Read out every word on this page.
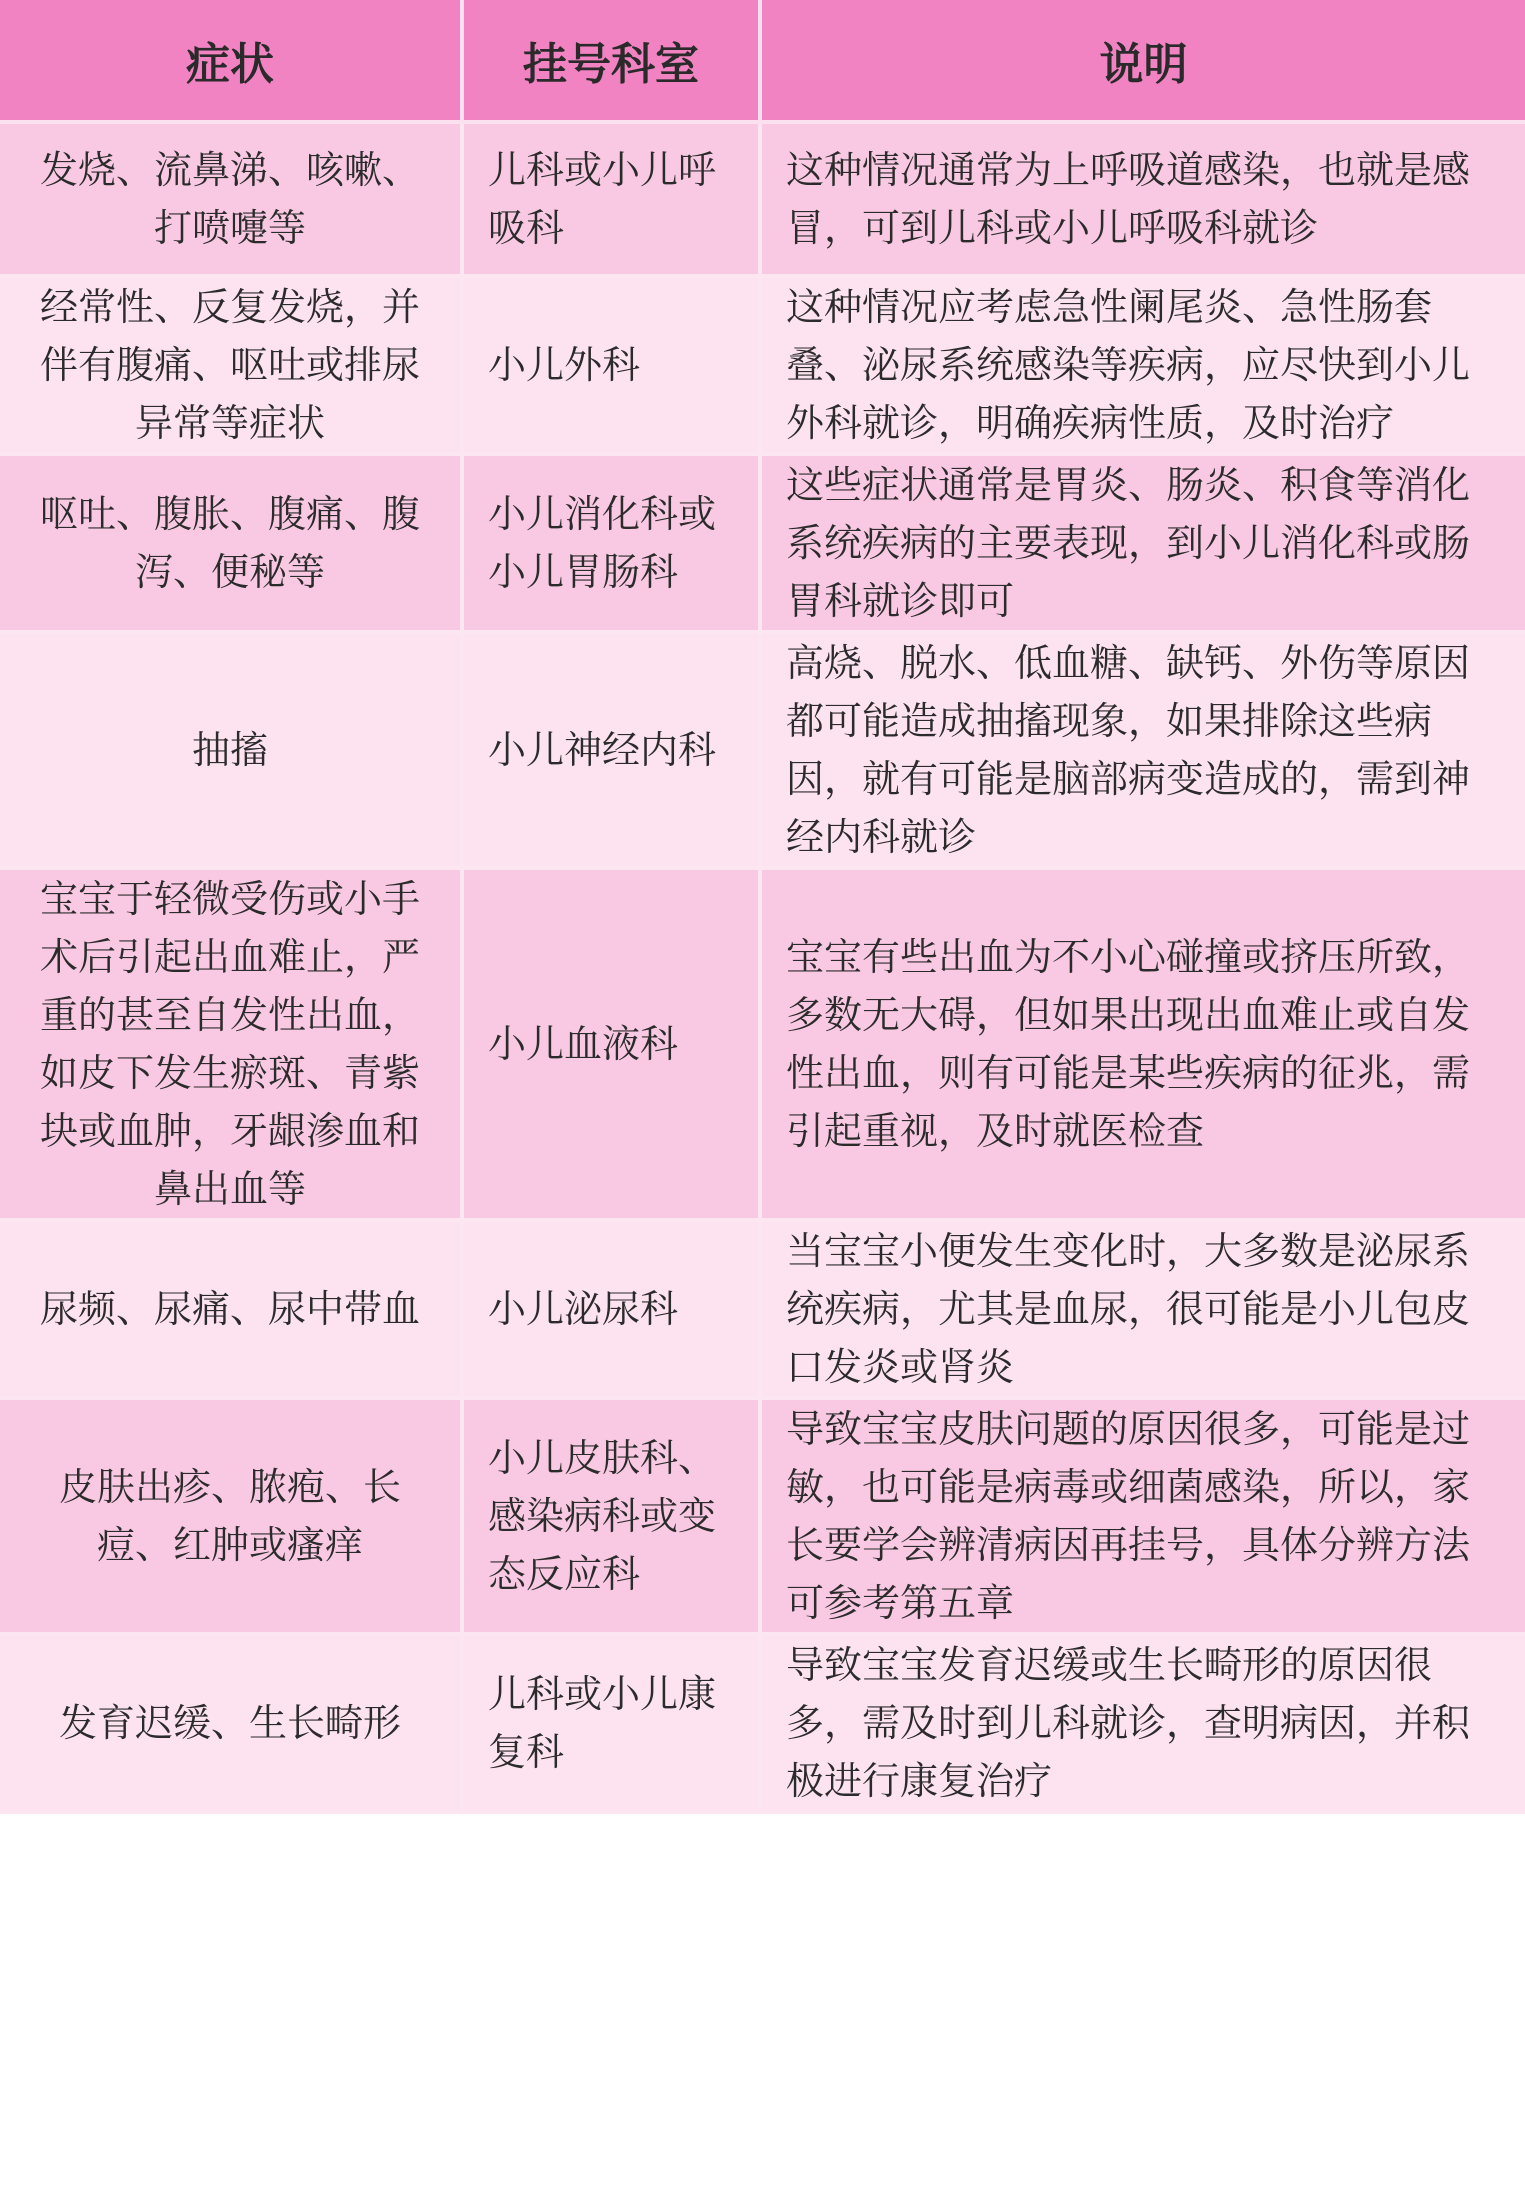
症状	挂号科室	说明
发烧、流鼻涕、咳嗽、打喷嚏等	儿科或小儿呼吸科	这种情况通常为上呼吸道感染，也就是感冒，可到儿科或小儿呼吸科就诊
经常性、反复发烧，并伴有腹痛、呕吐或排尿异常等症状	小儿外科	这种情况应考虑急性阑尾炎、急性肠套叠、泌尿系统感染等疾病，应尽快到小儿外科就诊，明确疾病性质，及时治疗
呕吐、腹胀、腹痛、腹泻、便秘等	小儿消化科或小儿胃肠科	这些症状通常是胃炎、肠炎、积食等消化系统疾病的主要表现，到小儿消化科或肠胃科就诊即可
抽搐	小儿神经内科	高烧、脱水、低血糖、缺钙、外伤等原因都可能造成抽搐现象，如果排除这些病因，就有可能是脑部病变造成的，需到神经内科就诊
宝宝于轻微受伤或小手术后引起出血难止，严重的甚至自发性出血，如皮下发生瘀斑、青紫块或血肿，牙龈渗血和鼻出血等	小儿血液科	宝宝有些出血为不小心碰撞或挤压所致，多数无大碍，但如果出现出血难止或自发性出血，则有可能是某些疾病的征兆，需引起重视，及时就医检查
尿频、尿痛、尿中带血	小儿泌尿科	当宝宝小便发生变化时，大多数是泌尿系统疾病，尤其是血尿，很可能是小儿包皮口发炎或肾炎
皮肤出疹、脓疱、长痘、红肿或瘙痒	小儿皮肤科、感染病科或变态反应科	导致宝宝皮肤问题的原因很多，可能是过敏，也可能是病毒或细菌感染，所以，家长要学会辨清病因再挂号，具体分辨方法可参考第五章
发育迟缓、生长畸形	儿科或小儿康复科	导致宝宝发育迟缓或生长畸形的原因很多，需及时到儿科就诊，查明病因，并积极进行康复治疗
